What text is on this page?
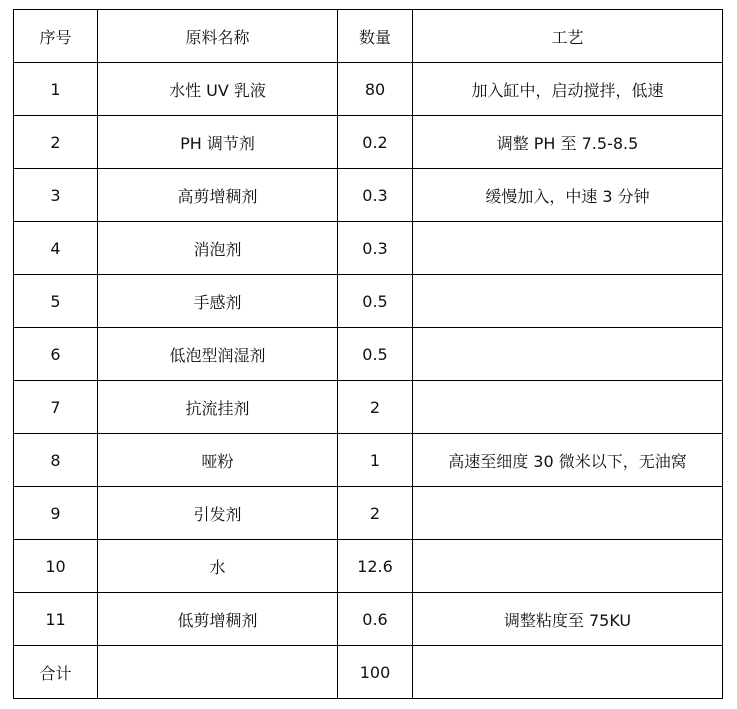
序号	原料名称	数量	工艺
1	水性 UV 乳液	80	加入缸中，启动搅拌，低速
2	PH 调节剂	0.2	调整 PH 至 7.5-8.5
3	高剪增稠剂	0.3	缓慢加入，中速 3 分钟
4	消泡剂	0.3	
5	手感剂	0.5	
6	低泡型润湿剂	0.5	
7	抗流挂剂	2	
8	哑粉	1	高速至细度 30 微米以下，无油窝
9	引发剂	2	
10	水	12.6	
11	低剪增稠剂	0.6	调整粘度至 75KU
合计		100	
